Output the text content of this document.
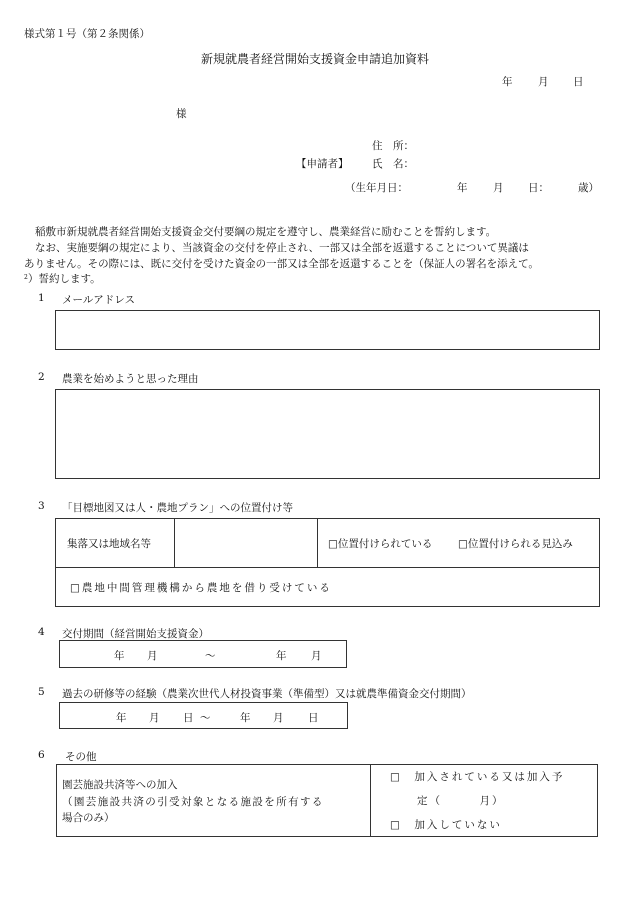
様式第１号（第２条関係）
新規就農者経営開始支援資金申請追加資料
年 月 日
様
住　所：
【申請者】 氏　名：
（生年月日：	年 月 日：	歳）
稲敷市新規就農者経営開始支援資金交付要綱の規定を遵守し、農業経営に励むことを誓約します。
なお、実施要綱の規定により、当該資金の交付を停止され、一部又は全部を返還することについて異議は
ありません。その際には、既に交付を受けた資金の一部又は全部を返還することを（保証人の署名を添えて。
2 ）誓約します。
1 メールアドレス
2 農業を始めようと思った理由
3 「目標地図又は人・農地プラン」への位置付け等
集落又は地域名等	□位置付けられている □位置付けられる見込み
□農地中間管理機構から農地を借り受けている
4 交付期間（経営開始支援資金）
年 月	～	年 月
5 過去の研修等の経験（農業次世代人材投資事業（準備型）又は就農準備資金交付期間）
年 月 日 ～	年 月 日
6 その他
園芸施設共済等への加入
（園芸施設共済の引受対象となる施設を所有する
場合のみ）
□　加入されている又は加入予
定（　　　月）
□　加入していない
